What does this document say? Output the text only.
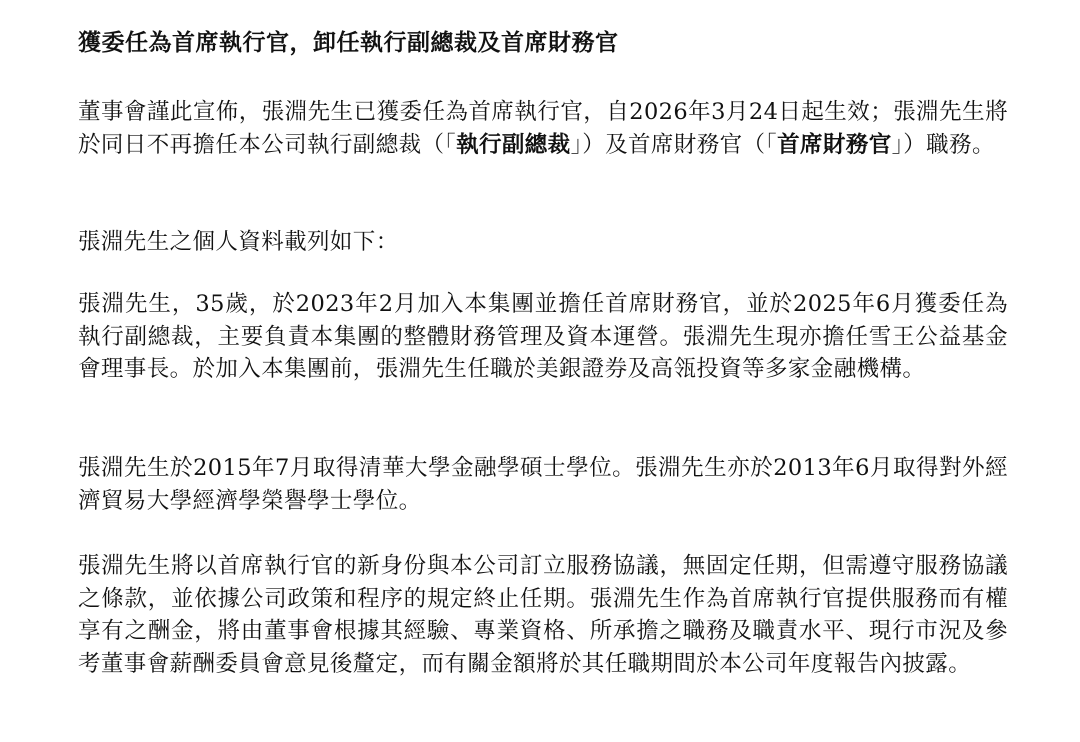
獲委任為首席執行官，卸任執行副總裁及首席財務官

董事會謹此宣佈，張淵先生已獲委任為首席執行官，自2026年3月24日起生效；張淵先生將於同日不再擔任本公司執行副總裁（「執行副總裁」）及首席財務官（「首席財務官」）職務。

張淵先生之個人資料載列如下：

張淵先生，35歲，於2023年2月加入本集團並擔任首席財務官，並於2025年6月獲委任為執行副總裁，主要負責本集團的整體財務管理及資本運營。張淵先生現亦擔任雪王公益基金會理事長。於加入本集團前，張淵先生任職於美銀證券及高瓴投資等多家金融機構。

張淵先生於2015年7月取得清華大學金融學碩士學位。張淵先生亦於2013年6月取得對外經濟貿易大學經濟學榮譽學士學位。

張淵先生將以首席執行官的新身份與本公司訂立服務協議，無固定任期，但需遵守服務協議之條款，並依據公司政策和程序的規定終止任期。張淵先生作為首席執行官提供服務而有權享有之酬金，將由董事會根據其經驗、專業資格、所承擔之職務及職責水平、現行市況及參考董事會薪酬委員會意見後釐定，而有關金額將於其任職期間於本公司年度報告內披露。
